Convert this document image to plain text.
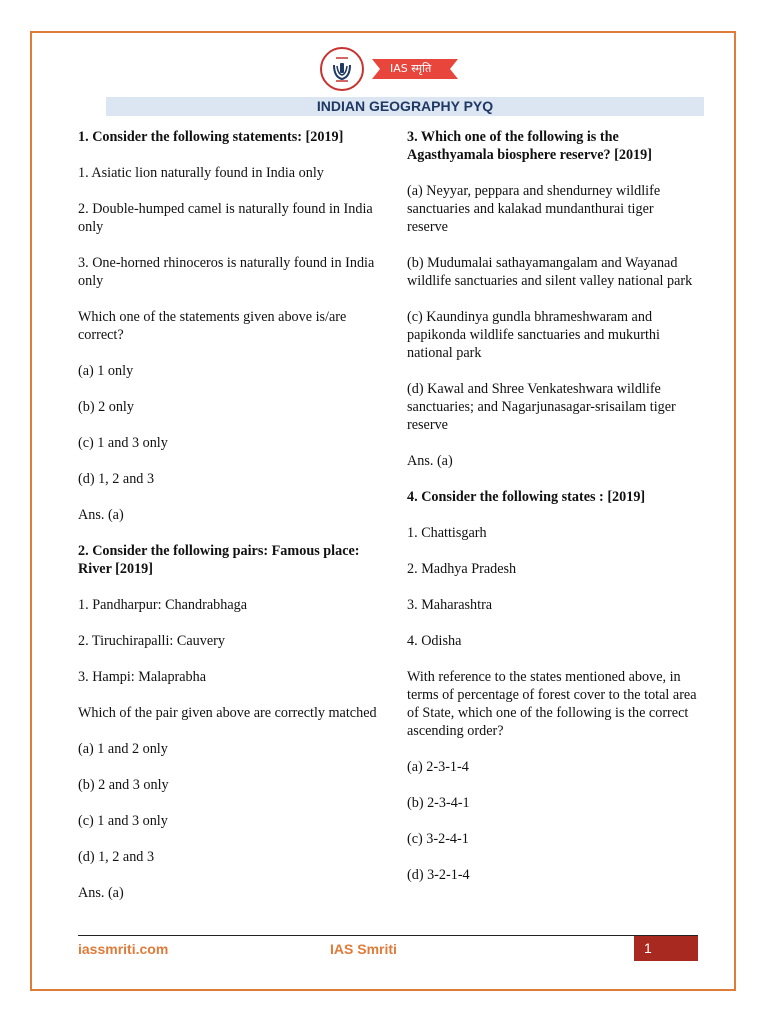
IAS स्मृति
INDIAN GEOGRAPHY PYQ

1. Consider the following statements: [2019]

1. Asiatic lion naturally found in India only

2. Double-humped camel is naturally found in India only

3. One-horned rhinoceros is naturally found in India only

Which one of the statements given above is/are correct?

(a) 1 only

(b) 2 only

(c) 1 and 3 only

(d) 1, 2 and 3

Ans. (a)

2. Consider the following pairs: Famous place: River [2019]

1. Pandharpur: Chandrabhaga

2. Tiruchirapalli: Cauvery

3. Hampi: Malaprabha

Which of the pair given above are correctly matched

(a) 1 and 2 only

(b) 2 and 3 only

(c) 1 and 3 only

(d) 1, 2 and 3

Ans. (a)

3. Which one of the following is the Agasthyamala biosphere reserve? [2019]

(a) Neyyar, peppara and shendurney wildlife sanctuaries and kalakad mundanthurai tiger reserve

(b) Mudumalai sathayamangalam and Wayanad wildlife sanctuaries and silent valley national park

(c) Kaundinya gundla bhrameshwaram and papikonda wildlife sanctuaries and mukurthi national park

(d) Kawal and Shree Venkateshwara wildlife sanctuaries; and Nagarjunasagar-srisailam tiger reserve

Ans. (a)

4. Consider the following states : [2019]

1. Chattisgarh

2. Madhya Pradesh

3. Maharashtra

4. Odisha

With reference to the states mentioned above, in terms of percentage of forest cover to the total area of State, which one of the following is the correct ascending order?

(a) 2-3-1-4

(b) 2-3-4-1

(c) 3-2-4-1

(d) 3-2-1-4

iassmriti.com	IAS Smriti	1
